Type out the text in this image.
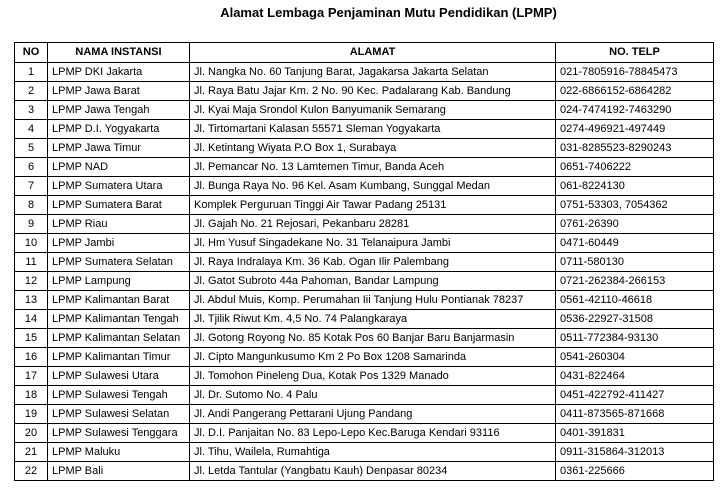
Alamat Lembaga Penjaminan Mutu Pendidikan (LPMP)
NO	NAMA INSTANSI	ALAMAT	NO. TELP
1	LPMP DKI Jakarta	Jl. Nangka No. 60 Tanjung Barat, Jagakarsa Jakarta Selatan	021-7805916-78845473
2	LPMP Jawa Barat	Jl. Raya Batu Jajar Km. 2 No. 90 Kec. Padalarang Kab. Bandung	022-6866152-6864282
3	LPMP Jawa Tengah	Jl. Kyai Maja Srondol Kulon Banyumanik Semarang	024-7474192-7463290
4	LPMP D.I. Yogyakarta	Jl. Tirtomartani Kalasan 55571 Sleman Yogyakarta	0274-496921-497449
5	LPMP Jawa Timur	Jl. Ketintang Wiyata P.O Box 1, Surabaya	031-8285523-8290243
6	LPMP NAD	Jl. Pemancar No. 13 Lamtemen Timur, Banda Aceh	0651-7406222
7	LPMP Sumatera Utara	Jl. Bunga Raya No. 96 Kel. Asam Kumbang, Sunggal Medan	061-8224130
8	LPMP Sumatera Barat	Komplek Perguruan Tinggi Air Tawar Padang 25131	0751-53303, 7054362
9	LPMP Riau	Jl. Gajah No. 21 Rejosari, Pekanbaru 28281	0761-26390
10	LPMP Jambi	Jl. Hm Yusuf Singadekane No. 31 Telanaipura Jambi	0471-60449
11	LPMP Sumatera Selatan	Jl. Raya Indralaya Km. 36 Kab. Ogan Ilir Palembang	0711-580130
12	LPMP Lampung	Jl. Gatot Subroto 44a Pahoman, Bandar Lampung	0721-262384-266153
13	LPMP Kalimantan Barat	Jl. Abdul Muis, Komp. Perumahan Iii Tanjung Hulu Pontianak 78237	0561-42110-46618
14	LPMP Kalimantan Tengah	Jl. Tjilik Riwut Km. 4,5 No. 74 Palangkaraya	0536-22927-31508
15	LPMP Kalimantan Selatan	Jl. Gotong Royong No. 85 Kotak Pos 60 Banjar Baru Banjarmasin	0511-772384-93130
16	LPMP Kalimantan Timur	Jl. Cipto Mangunkusumo Km 2 Po Box 1208 Samarinda	0541-260304
17	LPMP Sulawesi Utara	Jl. Tomohon Pineleng Dua, Kotak Pos 1329 Manado	0431-822464
18	LPMP Sulawesi Tengah	Jl. Dr. Sutomo No. 4 Palu	0451-422792-411427
19	LPMP Sulawesi Selatan	Jl. Andi Pangerang Pettarani Ujung Pandang	0411-873565-871668
20	LPMP Sulawesi Tenggara	Jl. D.I. Panjaitan No. 83 Lepo-Lepo Kec.Baruga Kendari 93116	0401-391831
21	LPMP Maluku	Jl. Tihu, Wailela, Rumahtiga	0911-315864-312013
22	LPMP Bali	Jl. Letda Tantular (Yangbatu Kauh) Denpasar 80234	0361-225666
